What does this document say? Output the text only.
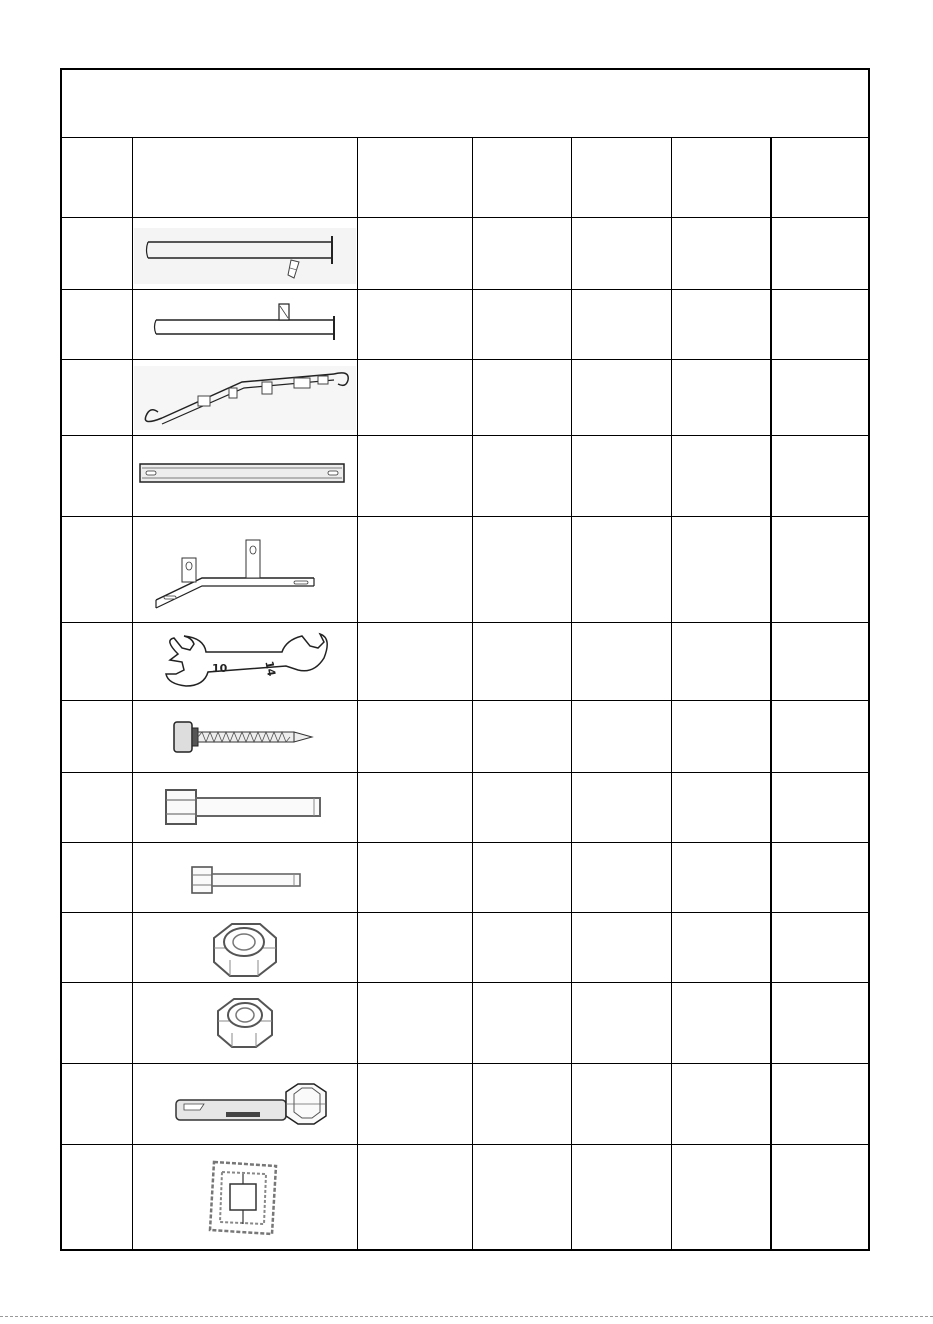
10	14
